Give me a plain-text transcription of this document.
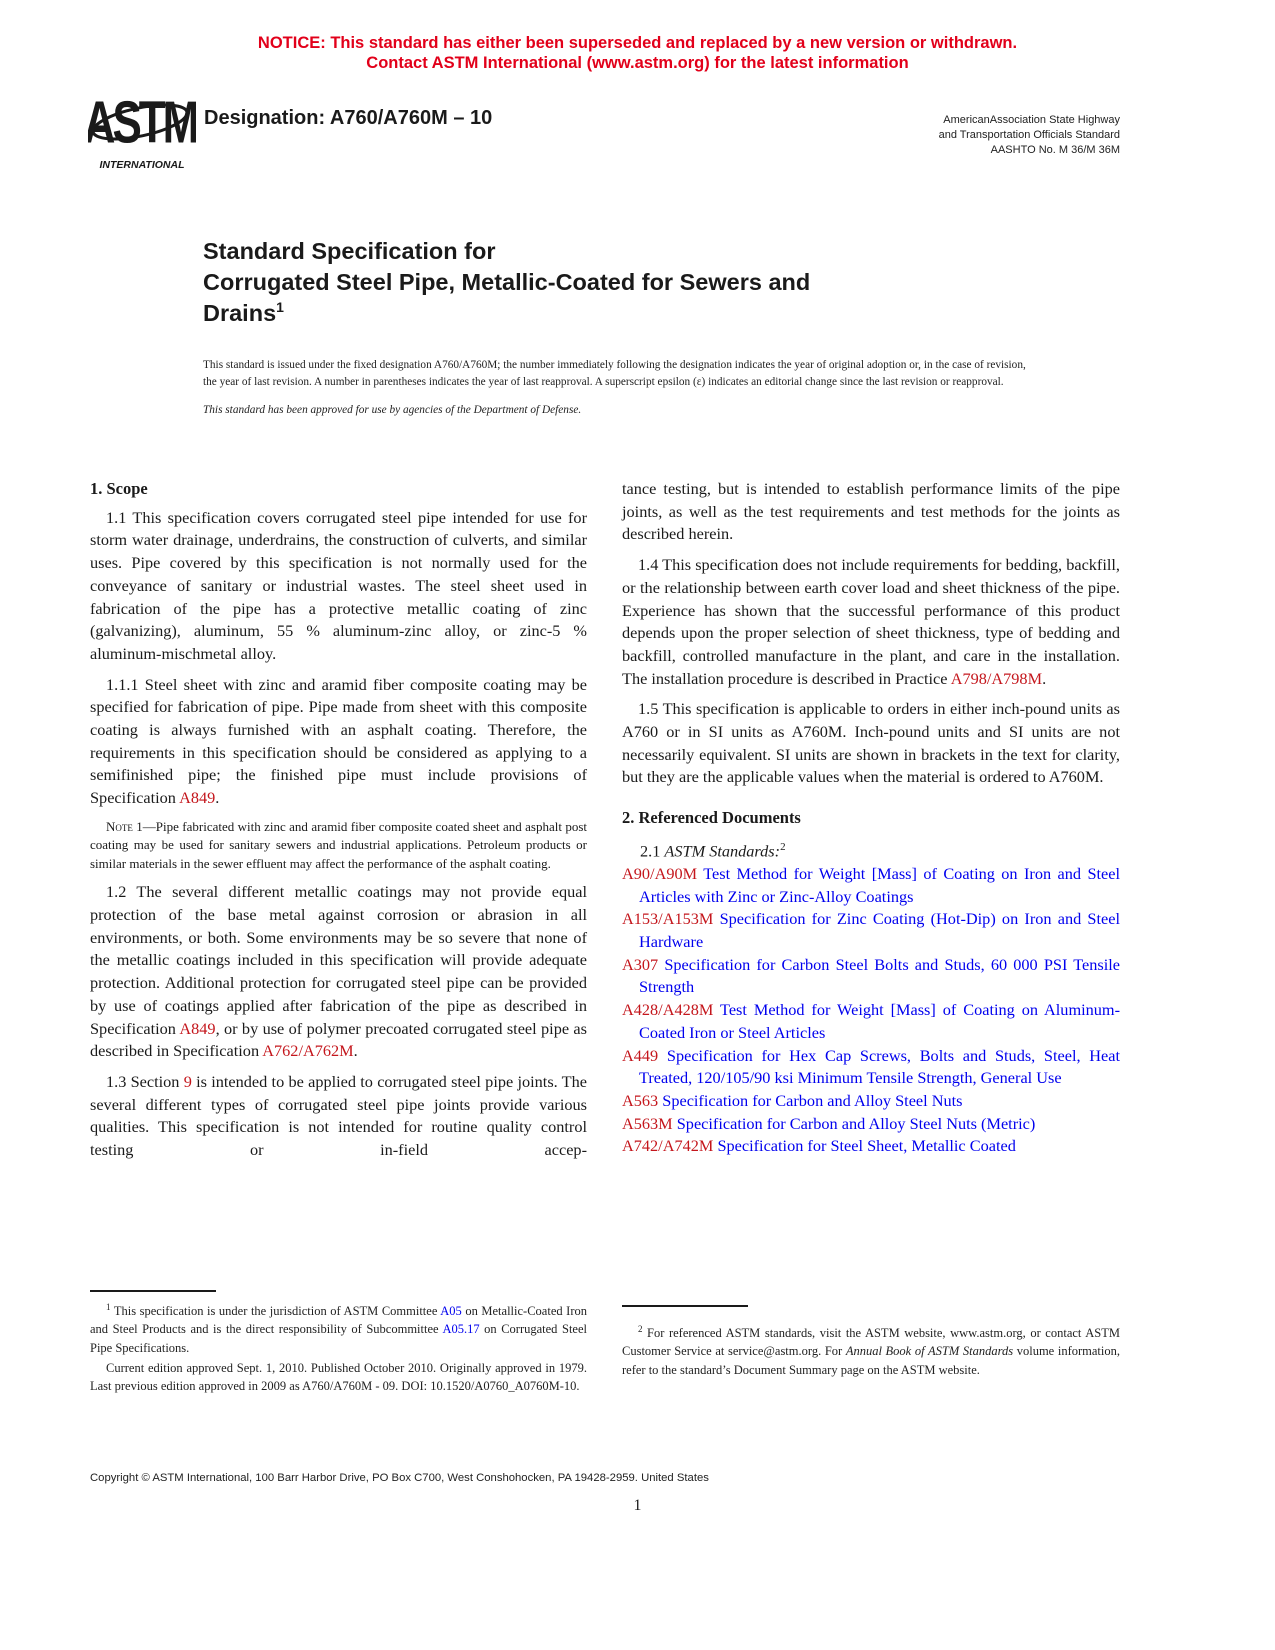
NOTICE: This standard has either been superseded and replaced by a new version or withdrawn.
Contact ASTM International (www.astm.org) for the latest information
ASTM
INTERNATIONAL
Designation: A760/A760M – 10	AmericanAssociation State Highway
and Transportation Officials Standard
AASHTO No. M 36/M 36M
Standard Specification for
Corrugated Steel Pipe, Metallic-Coated for Sewers and
Drains$^1$
This standard is issued under the fixed designation A760/A760M; the number immediately following the designation indicates the year of original adoption or, in the case of revision, the year of last revision. A number in parentheses indicates the year of last reapproval. A superscript epsilon (ε) indicates an editorial change since the last revision or reapproval.
This standard has been approved for use by agencies of the Department of Defense.
1. Scope

1.1 This specification covers corrugated steel pipe intended for use for storm water drainage, underdrains, the construction of culverts, and similar uses. Pipe covered by this specification is not normally used for the conveyance of sanitary or industrial wastes. The steel sheet used in fabrication of the pipe has a protective metallic coating of zinc (galvanizing), aluminum, 55 % aluminum-zinc alloy, or zinc-5 % aluminum-mischmetal alloy.

1.1.1 Steel sheet with zinc and aramid fiber composite coating may be specified for fabrication of pipe. Pipe made from sheet with this composite coating is always furnished with an asphalt coating. Therefore, the requirements in this specification should be considered as applying to a semifinished pipe; the finished pipe must include provisions of Specification A849.

Note 1—Pipe fabricated with zinc and aramid fiber composite coated sheet and asphalt post coating may be used for sanitary sewers and industrial applications. Petroleum products or similar materials in the sewer effluent may affect the performance of the asphalt coating.

1.2 The several different metallic coatings may not provide equal protection of the base metal against corrosion or abrasion in all environments, or both. Some environments may be so severe that none of the metallic coatings included in this specification will provide adequate protection. Additional protection for corrugated steel pipe can be provided by use of coatings applied after fabrication of the pipe as described in Specification A849, or by use of polymer precoated corrugated steel pipe as described in Specification A762/A762M.

1.3 Section 9 is intended to be applied to corrugated steel pipe joints. The several different types of corrugated steel pipe joints provide various qualities. This specification is not intended for routine quality control testing or in-field accep-

tance testing, but is intended to establish performance limits of the pipe joints, as well as the test requirements and test methods for the joints as described herein.

1.4 This specification does not include requirements for bedding, backfill, or the relationship between earth cover load and sheet thickness of the pipe. Experience has shown that the successful performance of this product depends upon the proper selection of sheet thickness, type of bedding and backfill, controlled manufacture in the plant, and care in the installation. The installation procedure is described in Practice A798/A798M.

1.5 This specification is applicable to orders in either inch-pound units as A760 or in SI units as A760M. Inch-pound units and SI units are not necessarily equivalent. SI units are shown in brackets in the text for clarity, but they are the applicable values when the material is ordered to A760M.

2. Referenced Documents
2.1 ASTM Standards:$^2$
A90/A90M Test Method for Weight [Mass] of Coating on Iron and Steel Articles with Zinc or Zinc-Alloy Coatings
A153/A153M Specification for Zinc Coating (Hot-Dip) on Iron and Steel Hardware
A307 Specification for Carbon Steel Bolts and Studs, 60 000 PSI Tensile Strength
A428/A428M Test Method for Weight [Mass] of Coating on Aluminum-Coated Iron or Steel Articles
A449 Specification for Hex Cap Screws, Bolts and Studs, Steel, Heat Treated, 120/105/90 ksi Minimum Tensile Strength, General Use
A563 Specification for Carbon and Alloy Steel Nuts
A563M Specification for Carbon and Alloy Steel Nuts (Metric)
A742/A742M Specification for Steel Sheet, Metallic Coated

$^1$ This specification is under the jurisdiction of ASTM Committee A05 on Metallic-Coated Iron and Steel Products and is the direct responsibility of Subcommittee A05.17 on Corrugated Steel Pipe Specifications.

Current edition approved Sept. 1, 2010. Published October 2010. Originally approved in 1979. Last previous edition approved in 2009 as A760/A760M - 09. DOI: 10.1520/A0760_A0760M-10.

$^2$ For referenced ASTM standards, visit the ASTM website, www.astm.org, or contact ASTM Customer Service at service@astm.org. For Annual Book of ASTM Standards volume information, refer to the standard’s Document Summary page on the ASTM website.

Copyright © ASTM International, 100 Barr Harbor Drive, PO Box C700, West Conshohocken, PA 19428-2959. United States
1
